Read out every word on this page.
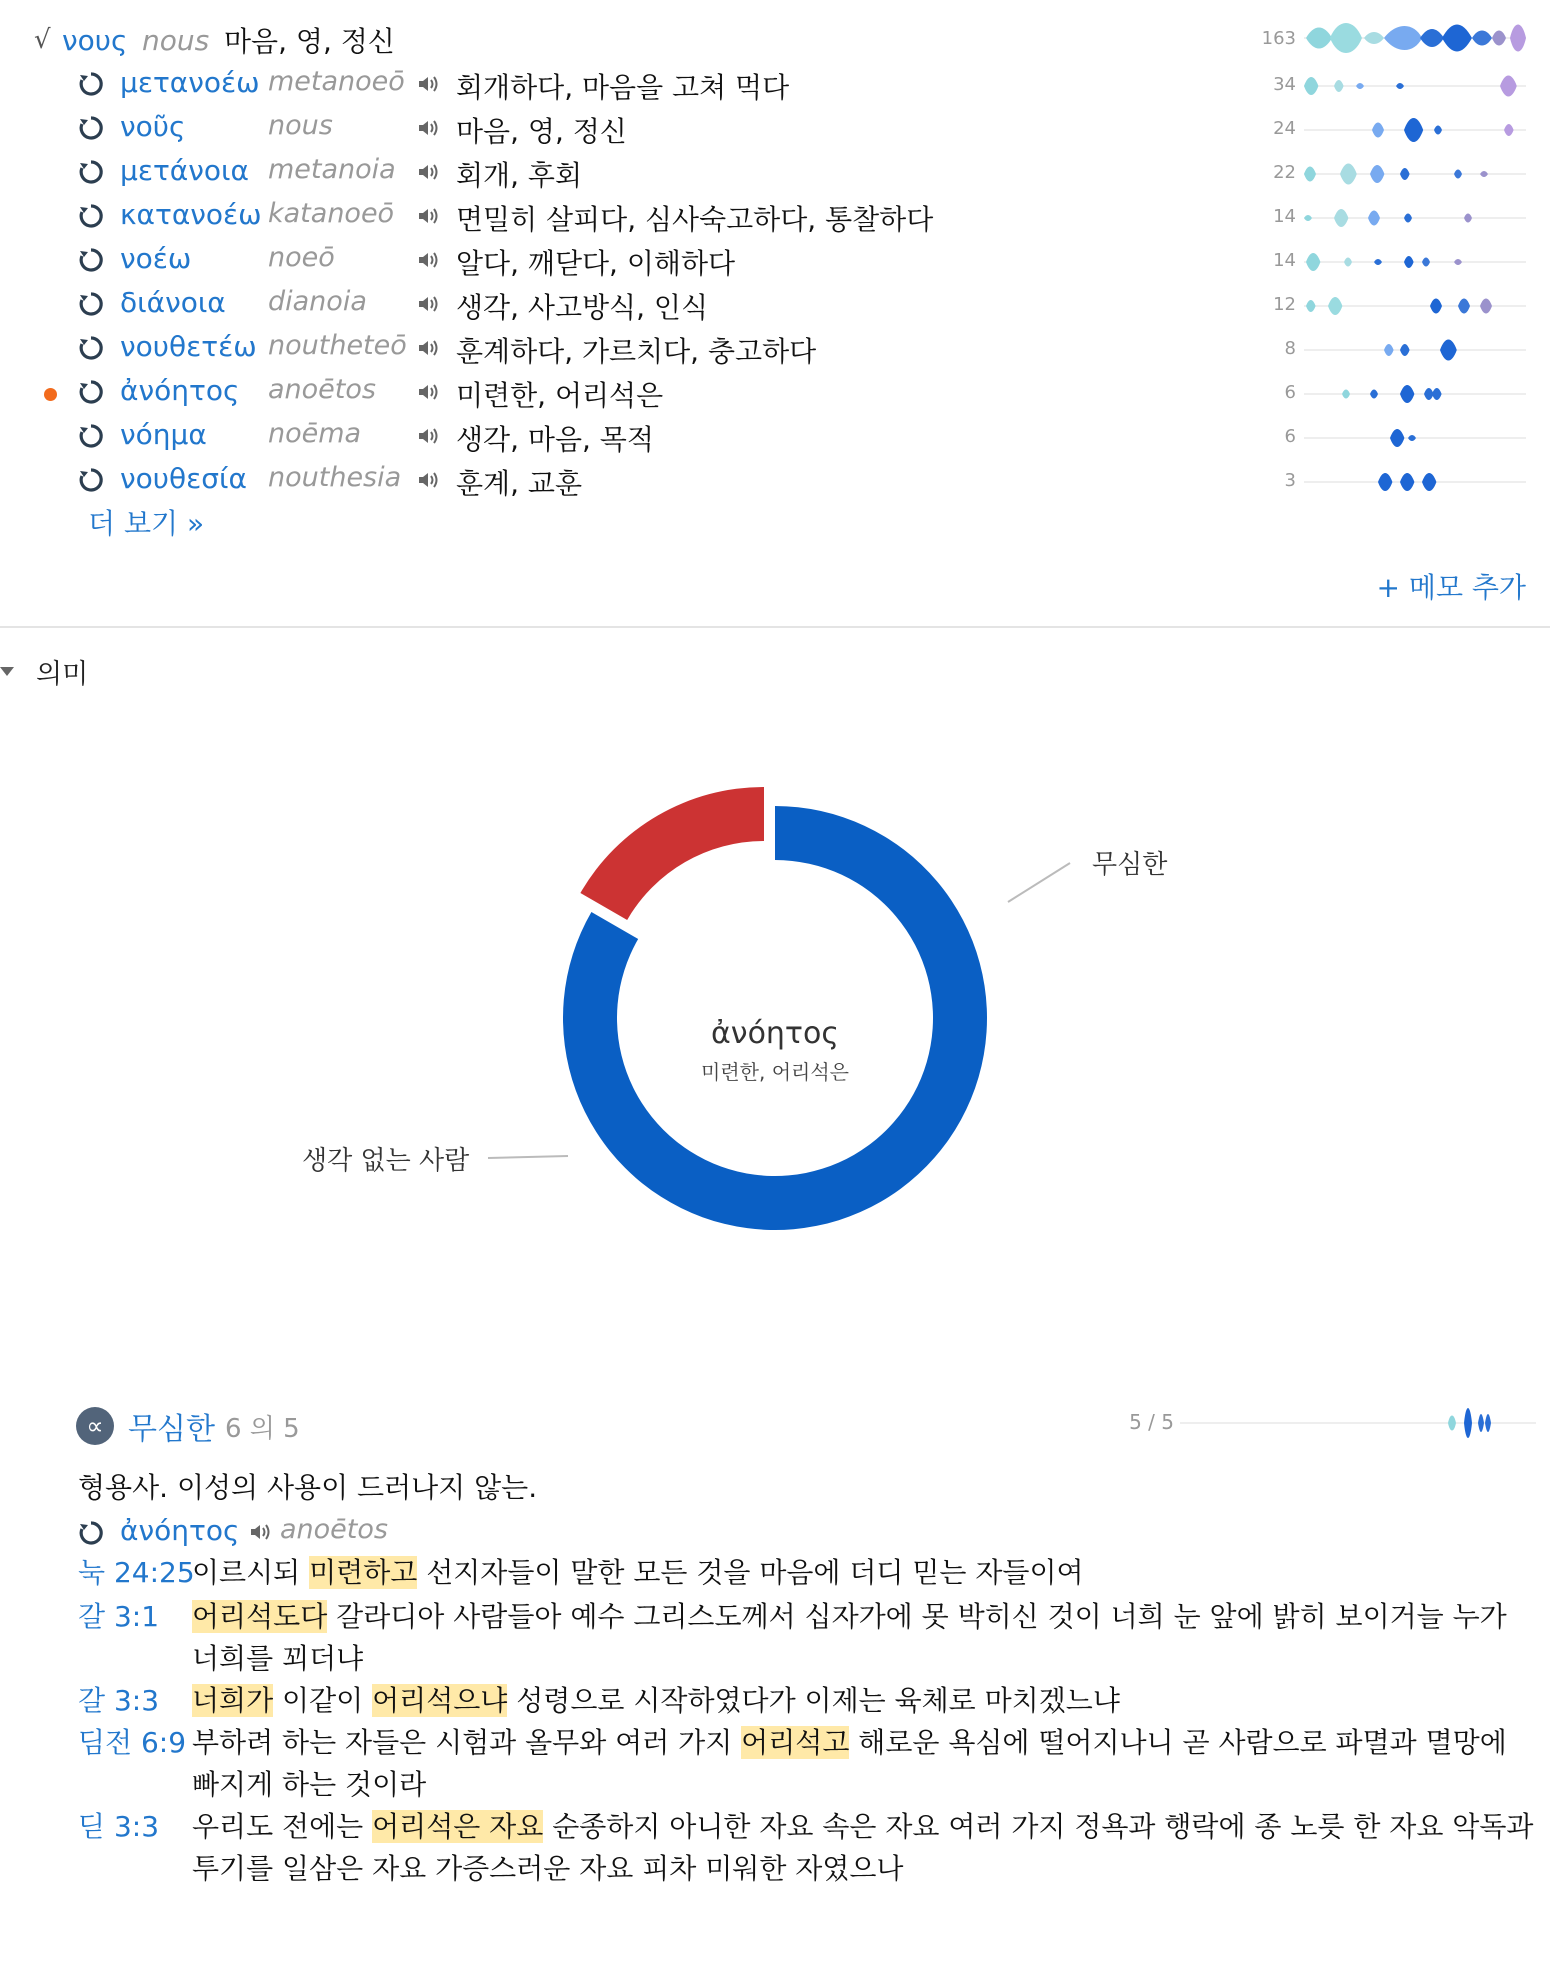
√ νους nous 마음, 영, 정신	163
μετανοέω metanoeō 회개하다, 마음을 고쳐 먹다	34
νοῦς	nous	마음, 영, 정신	24
μετάνοια metanoia 회개, 후회	22
κατανοέω katanoeō 면밀히 살피다, 심사숙고하다, 통찰하다	14
νοέω	noeō	알다, 깨닫다, 이해하다	14
διάνοια dianoia	생각, 사고방식, 인식	12
νουθετέω noutheteō 훈계하다, 가르치다, 충고하다	8
ἀνόητος anoētos	미련한, 어리석은	6
νόημα noēma	생각, 마음, 목적	6
νουθεσία nouthesia 훈계, 교훈	3
더 보기 »
+ 메모 추가
의미
ἀνόητος
미련한, 어리석은
무심한
생각 없는 사람
∝ 무심한 6 의 5	5 / 5
형용사. 이성의 사용이 드러나지 않는.
ἀνόητος anoētos
눅 24:25
이르시되 미련하고 선지자들이 말한 모든 것을 마음에 더디 믿는 자들이여
갈 3:1 어리석도다 갈라디아 사람들아 예수 그리스도께서 십자가에 못 박히신 것이 너희 눈 앞에 밝히 보이거늘 누가 너희를 꾀더냐
갈 3:3 너희가 이같이 어리석으냐 성령으로 시작하였다가 이제는 육체로 마치겠느냐
딤전 6:9 부하려 하는 자들은 시험과 올무와 여러 가지 어리석고 해로운 욕심에 떨어지나니 곧 사람으로 파멸과 멸망에 빠지게 하는 것이라
딛 3:3 우리도 전에는 어리석은 자요 순종하지 아니한 자요 속은 자요 여러 가지 정욕과 행락에 종 노릇 한 자요 악독과 투기를 일삼은 자요 가증스러운 자요 피차 미워한 자였으나
